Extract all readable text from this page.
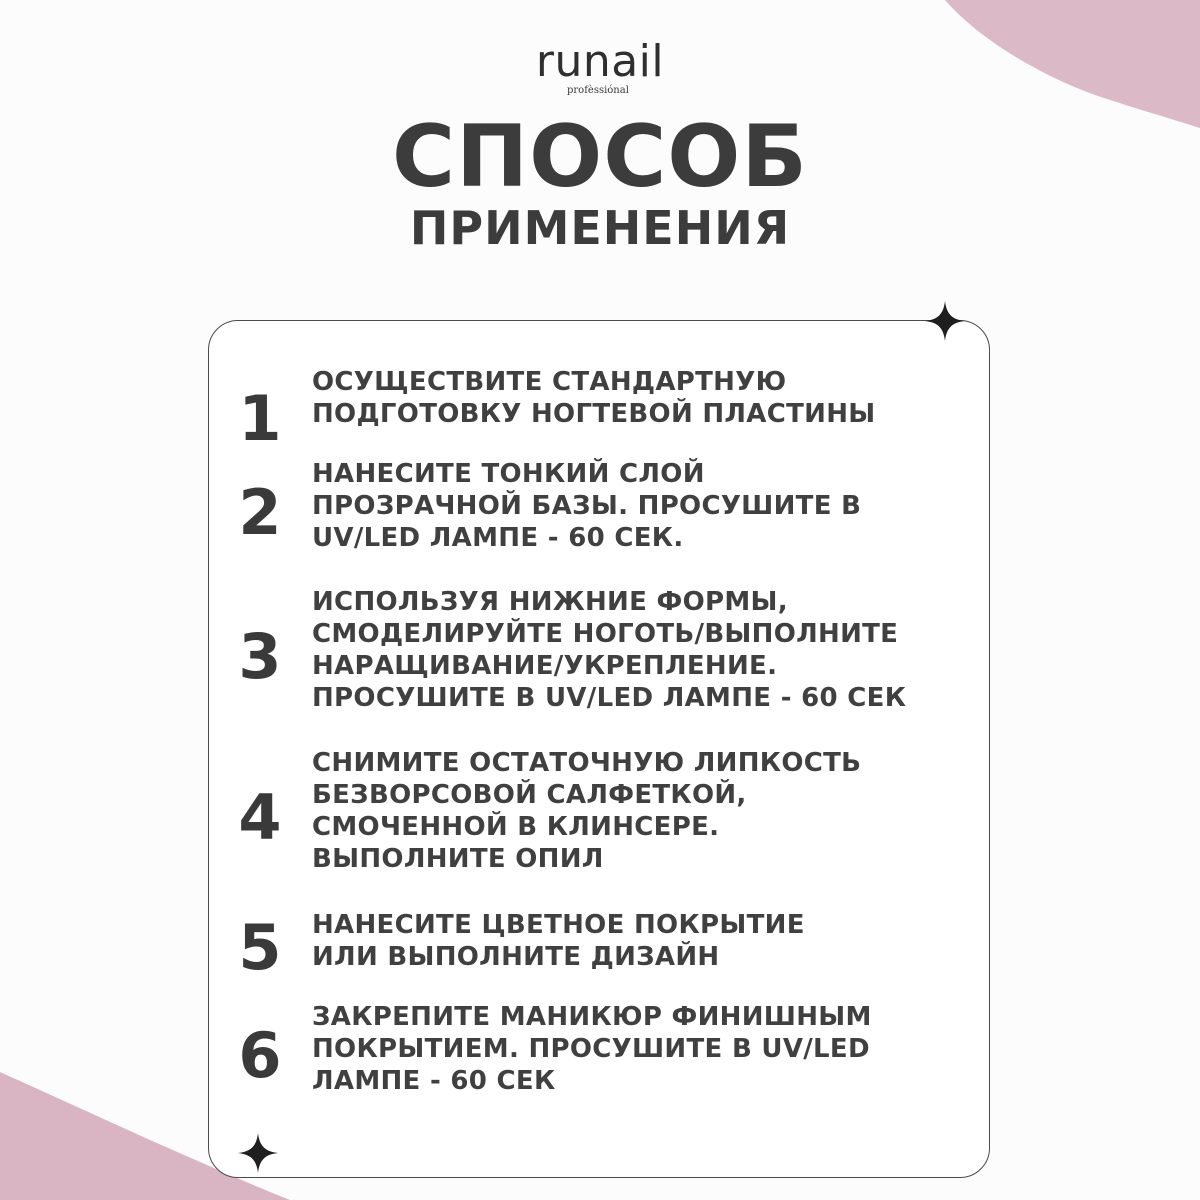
runail
profèssiónal
СПОСОБ
ПРИМЕНЕНИЯ
1	ОСУЩЕСТВИТЕ СТАНДАРТНУЮ
ПОДГОТОВКУ НОГТЕВОЙ ПЛАСТИНЫ
2
НАНЕСИТЕ ТОНКИЙ СЛОЙ
ПРОЗРАЧНОЙ БАЗЫ. ПРОСУШИТЕ В
UV/LED ЛАМПЕ - 60 СЕК.
3
ИСПОЛЬЗУЯ НИЖНИЕ ФОРМЫ,
СМОДЕЛИРУЙТЕ НОГОТЬ/ВЫПОЛНИТЕ
НАРАЩИВАНИЕ/УКРЕПЛЕНИЕ.
ПРОСУШИТЕ В UV/LED ЛАМПЕ - 60 СЕК
4
СНИМИТЕ ОСТАТОЧНУЮ ЛИПКОСТЬ
БЕЗВОРСОВОЙ САЛФЕТКОЙ,
СМОЧЕННОЙ В КЛИНСЕРЕ.
ВЫПОЛНИТЕ ОПИЛ
5	НАНЕСИТЕ ЦВЕТНОЕ ПОКРЫТИЕ
ИЛИ ВЫПОЛНИТЕ ДИЗАЙН
6
ЗАКРЕПИТЕ МАНИКЮР ФИНИШНЫМ
ПОКРЫТИЕМ. ПРОСУШИТЕ В UV/LED
ЛАМПЕ - 60 СЕК
